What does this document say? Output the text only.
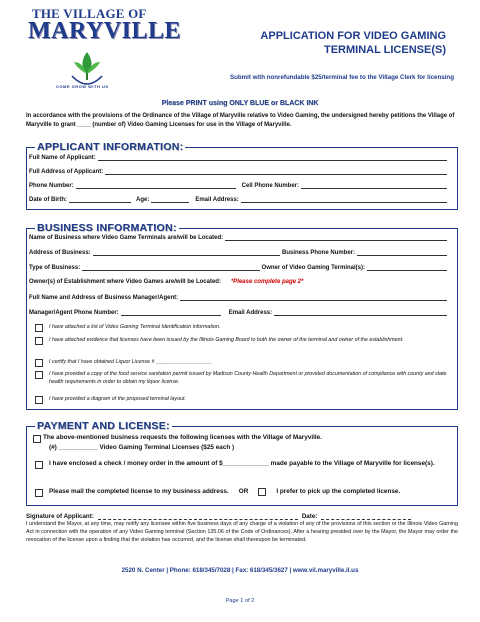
THE VILLAGE OF
MARYVILLE
COME GROW WITH US
APPLICATION FOR VIDEO GAMING
TERMINAL LICENSE(S)
Submit with nonrefundable $25/terminal fee to the Village Clerk for licensing
Please PRINT using ONLY BLUE or BLACK INK
In accordance with the provisions of the Ordinance of the Village of Maryville relative to Video Gaming, the undersigned hereby petitions the Village of Maryville to grant ____ (number of) Video Gaming Licenses for use in the Village of Maryville.
APPLICANT INFORMATION:
Full Name of Applicant:
Full Address of Applicant:
Phone Number:	Cell Phone Number:
Date of Birth:	Age:	Email Address:
BUSINESS INFORMATION:
Name of Business where Video Game Terminals are/will be Located:
Address of Business:	Business Phone Number:
Type of Business:	Owner of Video Gaming Terminal(s):
Owner(s) of Establishment where Video Games are/will be Located: *Please complete page 2*
Full Name and Address of Business Manager/Agent:
Manager/Agent Phone Number:	Email Address:
I have attached a list of Video Gaming Terminal Identification information.
I have attached evidence that licenses have been issued by the Illinois Gaming Board to both the owner of the terminal and owner of the establishment.
I certify that I have obtained Liquor License # ___________________
I have provided a copy of the food service sanitation permit issued by Madison County Health Department or provided documentation of compliance with county and state health requirements in order to obtain my liquor license.
I have provided a diagram of the proposed terminal layout.
PAYMENT AND LICENSE:
The above-mentioned business requests the following licenses with the Village of Maryville.
(#) ___________ Video Gaming Terminal Licenses ($25 each )
I have enclosed a check / money order in the amount of $_____________ made payable to the Village of Maryville for license(s).
Please mail the completed license to my business address. OR	I prefer to pick up the completed license.
Signature of Applicant:	Date:
I understand the Mayor, at any time, may notify any licensee within five business days of any charge of a violation of any of the provisions of this section or the Illinois Video Gaming Act in connection with the operation of any Video Gaming terminal (Section 135.06 of the Code of Ordinances). After a hearing presided over by the Mayor, the Mayor may order the revocation of the license upon a finding that the violation has occurred, and the license shall thereupon be terminated.
2520 N. Center | Phone: 618/345/7028 | Fax: 618/345/3627 | www.vil.maryville.il.us
Page 1 of 2
